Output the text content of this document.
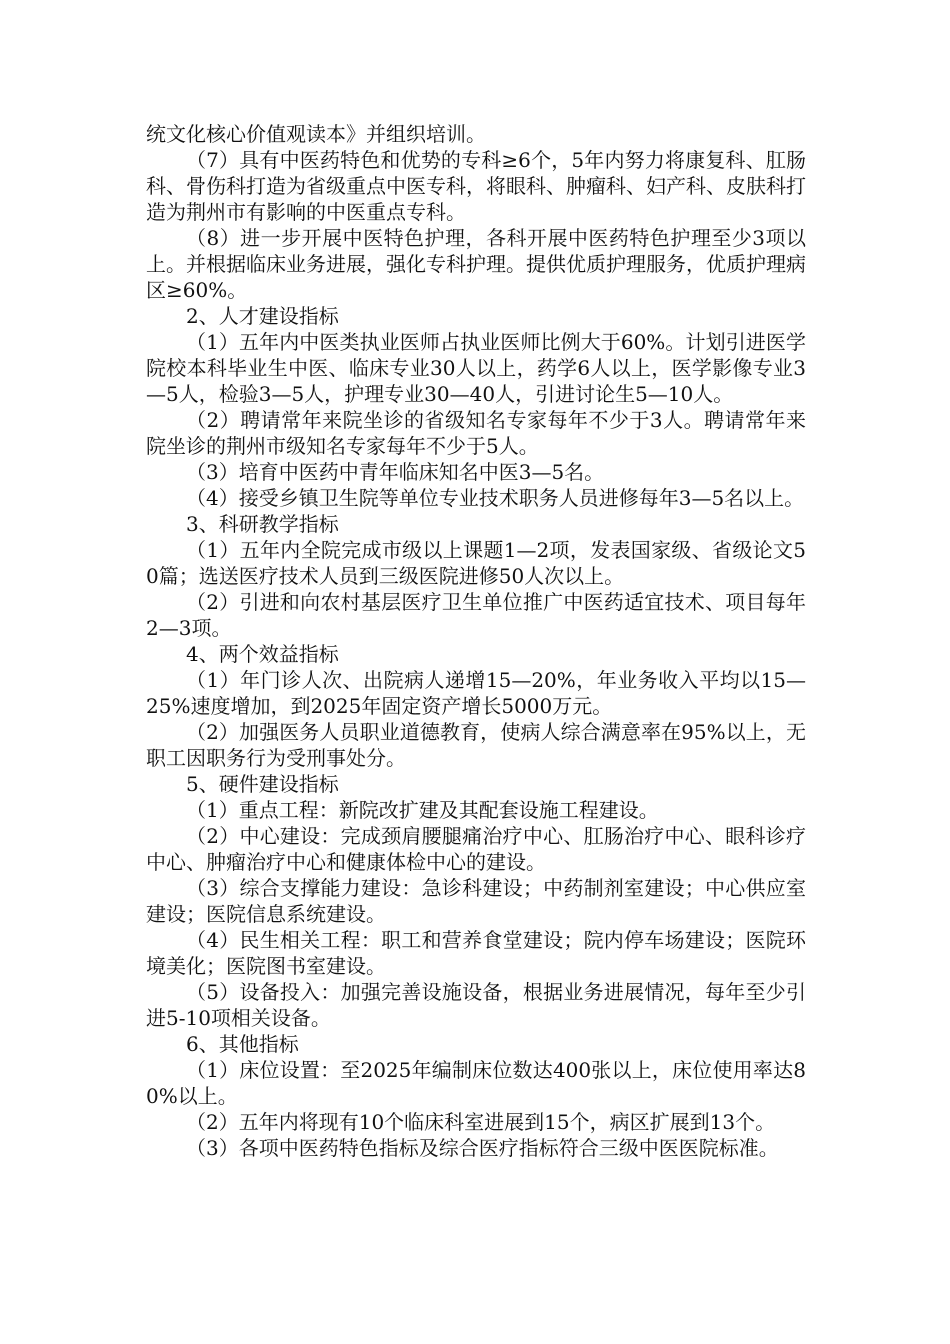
统文化核心价值观读本》并组织培训。

（7）具有中医药特色和优势的专科≥6个，5年内努力将康复科、肛肠科、骨伤科打造为省级重点中医专科，将眼科、肿瘤科、妇产科、皮肤科打造为荆州市有影响的中医重点专科。

（8）进一步开展中医特色护理，各科开展中医药特色护理至少3项以上。并根据临床业务进展，强化专科护理。提供优质护理服务，优质护理病区≥60%。

2、人才建设指标

（1）五年内中医类执业医师占执业医师比例大于60%。计划引进医学院校本科毕业生中医、临床专业30人以上，药学6人以上，医学影像专业3—5人，检验3—5人，护理专业30—40人，引进讨论生5—10人。

（2）聘请常年来院坐诊的省级知名专家每年不少于3人。聘请常年来院坐诊的荆州市级知名专家每年不少于5人。

（3）培育中医药中青年临床知名中医3—5名。

（4）接受乡镇卫生院等单位专业技术职务人员进修每年3—5名以上。

3、科研教学指标

（1）五年内全院完成市级以上课题1—2项，发表国家级、省级论文50篇；选送医疗技术人员到三级医院进修50人次以上。

（2）引进和向农村基层医疗卫生单位推广中医药适宜技术、项目每年2—3项。

4、两个效益指标

（1）年门诊人次、出院病人递增15—20%，年业务收入平均以15—25%速度增加，到2025年固定资产增长5000万元。

（2）加强医务人员职业道德教育，使病人综合满意率在95%以上，无职工因职务行为受刑事处分。

5、硬件建设指标

（1）重点工程：新院改扩建及其配套设施工程建设。

（2）中心建设：完成颈肩腰腿痛治疗中心、肛肠治疗中心、眼科诊疗中心、肿瘤治疗中心和健康体检中心的建设。

（3）综合支撑能力建设：急诊科建设；中药制剂室建设；中心供应室建设；医院信息系统建设。

（4）民生相关工程：职工和营养食堂建设；院内停车场建设；医院环境美化；医院图书室建设。

（5）设备投入：加强完善设施设备，根据业务进展情况，每年至少引进5-10项相关设备。

6、其他指标

（1）床位设置：至2025年编制床位数达400张以上，床位使用率达80%以上。

（2）五年内将现有10个临床科室进展到15个，病区扩展到13个。

（3）各项中医药特色指标及综合医疗指标符合三级中医医院标准。
